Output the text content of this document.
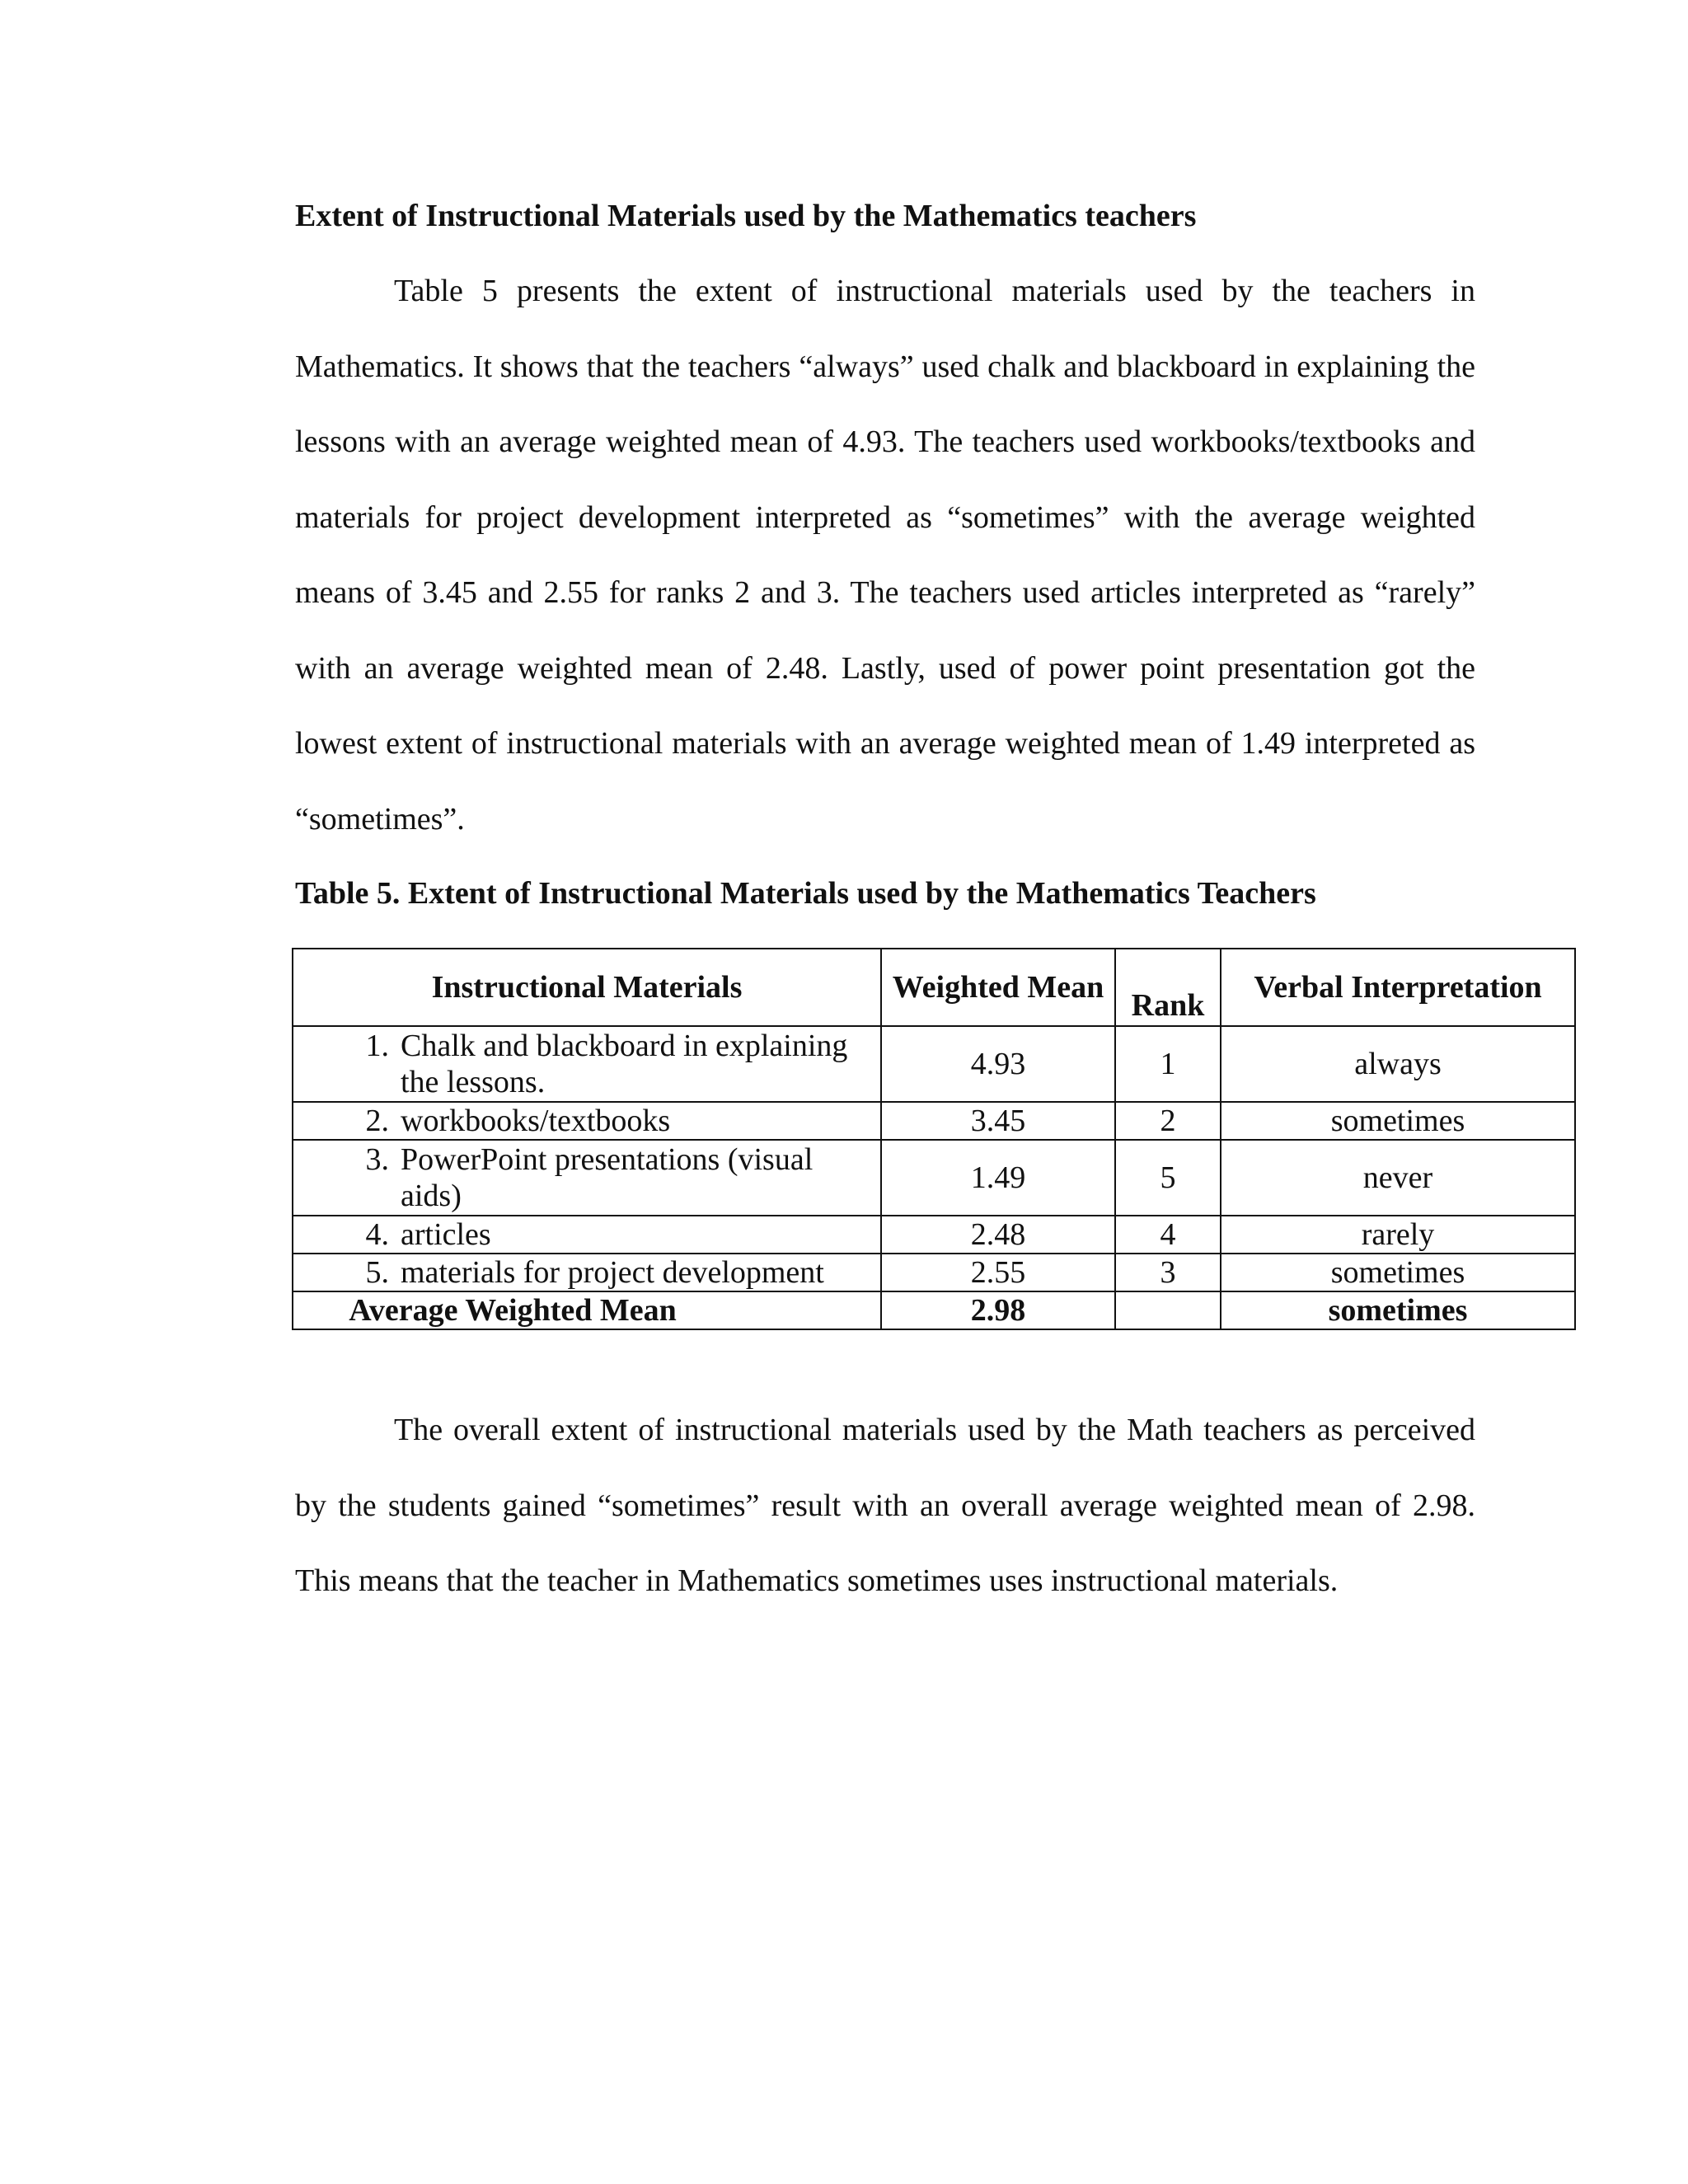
Extent of Instructional Materials used by the Mathematics teachers

Table 5 presents the extent of instructional materials used by the teachers in Mathematics. It shows that the teachers “always” used chalk and blackboard in explaining the lessons with an average weighted mean of 4.93. The teachers used workbooks/textbooks and materials for project development interpreted as “sometimes” with the average weighted means of 3.45 and 2.55 for ranks 2 and 3. The teachers used articles interpreted as “rarely” with an average weighted mean of 2.48. Lastly, used of power point presentation got the lowest extent of instructional materials with an average weighted mean of 1.49 interpreted as “sometimes”.

Table 5. Extent of Instructional Materials used by the Mathematics Teachers

Instructional Materials	Weighted Mean	Rank	Verbal Interpretation

1. Chalk and blackboard in explaining the lessons.	4.93	1	always

2. workbooks/textbooks	3.45	2	sometimes

3. PowerPoint presentations (visual aids)	1.49	5	never

4. articles	2.48	4	rarely

5. materials for project development	2.55	3	sometimes
Average Weighted Mean	2.98		sometimes

The overall extent of instructional materials used by the Math teachers as perceived by the students gained “sometimes” result with an overall average weighted mean of 2.98. This means that the teacher in Mathematics sometimes uses instructional materials.
